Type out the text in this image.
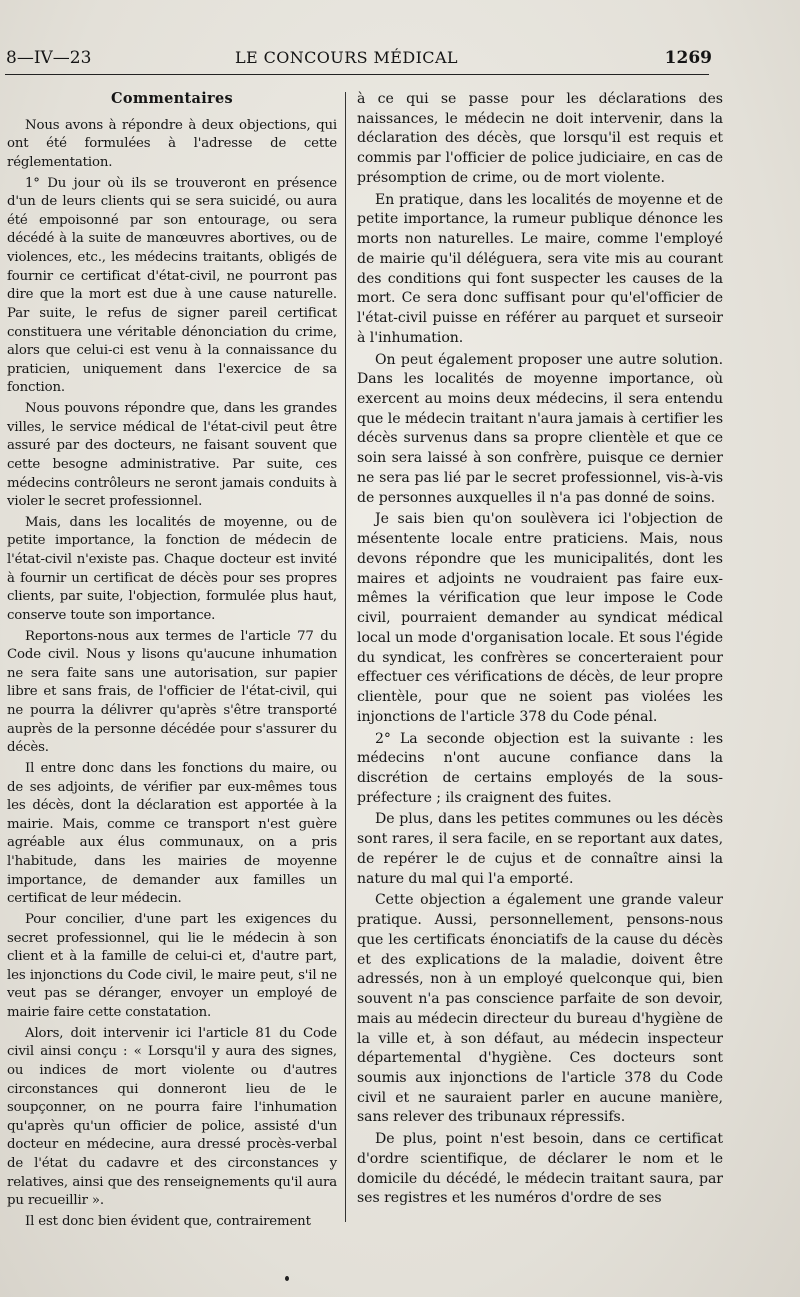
8—IV—23	LE CONCOURS MÉDICAL	1269
Commentaires

Nous avons à répondre à deux objections, qui ont été formulées à l'adresse de cette réglementation.

1° Du jour où ils se trouveront en présence d'un de leurs clients qui se sera suicidé, ou aura été empoisonné par son entourage, ou sera décédé à la suite de manœuvres abortives, ou de violences, etc., les médecins traitants, obligés de fournir ce certificat d'état-civil, ne pourront pas dire que la mort est due à une cause naturelle. Par suite, le refus de signer pareil certificat constituera une véritable dénonciation du crime, alors que celui-ci est venu à la connaissance du praticien, uniquement dans l'exercice de sa fonction.

Nous pouvons répondre que, dans les grandes villes, le service médical de l'état-civil peut être assuré par des docteurs, ne faisant souvent que cette besogne administrative. Par suite, ces médecins contrôleurs ne seront jamais conduits à violer le secret professionnel.

Mais, dans les localités de moyenne, ou de petite importance, la fonction de médecin de l'état-civil n'existe pas. Chaque docteur est invité à fournir un certificat de décès pour ses propres clients, par suite, l'objection, formulée plus haut, conserve toute son importance.

Reportons-nous aux termes de l'article 77 du Code civil. Nous y lisons qu'aucune inhumation ne sera faite sans une autorisation, sur papier libre et sans frais, de l'officier de l'état-civil, qui ne pourra la délivrer qu'après s'être transporté auprès de la personne décédée pour s'assurer du décès.

Il entre donc dans les fonctions du maire, ou de ses adjoints, de vérifier par eux-mêmes tous les décès, dont la déclaration est apportée à la mairie. Mais, comme ce transport n'est guère agréable aux élus communaux, on a pris l'habitude, dans les mairies de moyenne importance, de demander aux familles un certificat de leur médecin.

Pour concilier, d'une part les exigences du secret professionnel, qui lie le médecin à son client et à la famille de celui-ci et, d'autre part, les injonctions du Code civil, le maire peut, s'il ne veut pas se déranger, envoyer un employé de mairie faire cette constatation.

Alors, doit intervenir ici l'article 81 du Code civil ainsi conçu : « Lorsqu'il y aura des signes, ou indices de mort violente ou d'autres circonstances qui donneront lieu de le soupçonner, on ne pourra faire l'inhumation qu'après qu'un officier de police, assisté d'un docteur en médecine, aura dressé procès-verbal de l'état du cadavre et des circonstances y relatives, ainsi que des renseignements qu'il aura pu recueillir ».

Il est donc bien évident que, contrairement

à ce qui se passe pour les déclarations des naissances, le médecin ne doit intervenir, dans la déclaration des décès, que lorsqu'il est requis et commis par l'officier de police judiciaire, en cas de présomption de crime, ou de mort violente.

En pratique, dans les localités de moyenne et de petite importance, la rumeur publique dénonce les morts non naturelles. Le maire, comme l'employé de mairie qu'il déléguera, sera vite mis au courant des conditions qui font suspecter les causes de la mort. Ce sera donc suffisant pour qu'el'officier de l'état-civil puisse en référer au parquet et surseoir à l'inhumation.

On peut également proposer une autre solution. Dans les localités de moyenne importance, où exercent au moins deux médecins, il sera entendu que le médecin traitant n'aura jamais à certifier les décès survenus dans sa propre clientèle et que ce soin sera laissé à son confrère, puisque ce dernier ne sera pas lié par le secret professionnel, vis-à-vis de personnes auxquelles il n'a pas donné de soins.

Je sais bien qu'on soulèvera ici l'objection de mésentente locale entre praticiens. Mais, nous devons répondre que les municipalités, dont les maires et adjoints ne voudraient pas faire eux-mêmes la vérification que leur impose le Code civil, pourraient demander au syndicat médical local un mode d'organisation locale. Et sous l'égide du syndicat, les confrères se concerteraient pour effectuer ces vérifications de décès, de leur propre clientèle, pour que ne soient pas violées les injonctions de l'article 378 du Code pénal.

2° La seconde objection est la suivante : les médecins n'ont aucune confiance dans la discrétion de certains employés de la sous-préfecture ; ils craignent des fuites.

De plus, dans les petites communes ou les décès sont rares, il sera facile, en se reportant aux dates, de repérer le de cujus et de connaître ainsi la nature du mal qui l'a emporté.

Cette objection a également une grande valeur pratique. Aussi, personnellement, pensons-nous que les certificats énonciatifs de la cause du décès et des explications de la maladie, doivent être adressés, non à un employé quelconque qui, bien souvent n'a pas conscience parfaite de son devoir, mais au médecin directeur du bureau d'hygiène de la ville et, à son défaut, au médecin inspecteur départemental d'hygiène. Ces docteurs sont soumis aux injonctions de l'article 378 du Code civil et ne sauraient parler en aucune manière, sans relever des tribunaux répressifs.

De plus, point n'est besoin, dans ce certificat d'ordre scientifique, de déclarer le nom et le domicile du décédé, le médecin traitant saura, par ses registres et les numéros d'ordre de ses
